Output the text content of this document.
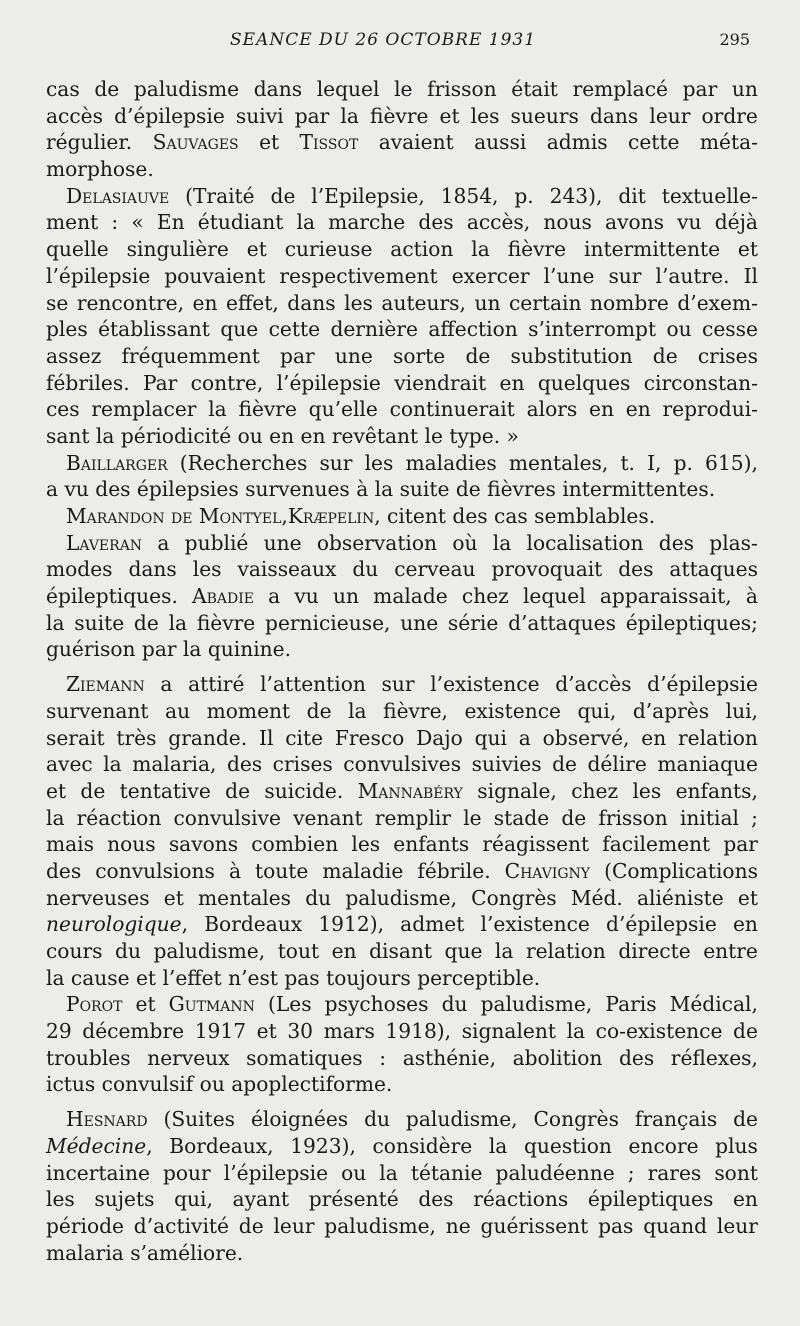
SEANCE DU 26 OCTOBRE 1931	295
cas de paludisme dans lequel le frisson était remplacé par un
accès d’épilepsie suivi par la fièvre et les sueurs dans leur ordre
régulier. Sauvages et Tissot avaient aussi admis cette méta-
morphose.
Delasiauve (Traité de l’Epilepsie, 1854, p. 243), dit textuelle-
ment : « En étudiant la marche des accès, nous avons vu déjà
quelle singulière et curieuse action la fièvre intermittente et
l’épilepsie pouvaient respectivement exercer l’une sur l’autre. Il
se rencontre, en effet, dans les auteurs, un certain nombre d’exem-
ples établissant que cette dernière affection s’interrompt ou cesse
assez fréquemment par une sorte de substitution de crises
fébriles. Par contre, l’épilepsie viendrait en quelques circonstan-
ces remplacer la fièvre qu’elle continuerait alors en en reprodui-
sant la périodicité ou en en revêtant le type. »
Baillarger (Recherches sur les maladies mentales, t. I, p. 615),
a vu des épilepsies survenues à la suite de fièvres intermittentes.
Marandon de Montyel , Kræpelin , citent des cas semblables.
Laveran a publié une observation où la localisation des plas-
modes dans les vaisseaux du cerveau provoquait des attaques
épileptiques. Abadie a vu un malade chez lequel apparaissait, à
la suite de la fièvre pernicieuse, une série d’attaques épileptiques;
guérison par la quinine.
Ziemann a attiré l’attention sur l’existence d’accès d’épilepsie
survenant au moment de la fièvre, existence qui, d’après lui,
serait très grande. Il cite Fresco Dajo qui a observé, en relation
avec la malaria, des crises convulsives suivies de délire maniaque
et de tentative de suicide. Mannabéry signale, chez les enfants,
la réaction convulsive venant remplir le stade de frisson initial ;
mais nous savons combien les enfants réagissent facilement par
des convulsions à toute maladie fébrile. Chavigny (Complications
nerveuses et mentales du paludisme, Congrès Méd. aliéniste et
neurologique, Bordeaux 1912), admet l’existence d’épilepsie en
cours du paludisme, tout en disant que la relation directe entre
la cause et l’effet n’est pas toujours perceptible.
Porot et Gutmann (Les psychoses du paludisme, Paris Médical,
29 décembre 1917 et 30 mars 1918), signalent la co-existence de
troubles nerveux somatiques : asthénie, abolition des réflexes,
ictus convulsif ou apoplectiforme.
Hesnard (Suites éloignées du paludisme, Congrès français de
Médecine, Bordeaux, 1923), considère la question encore plus
incertaine pour l’épilepsie ou la tétanie paludéenne ; rares sont
les sujets qui, ayant présenté des réactions épileptiques en
période d’activité de leur paludisme, ne guérissent pas quand leur
malaria s’améliore.
